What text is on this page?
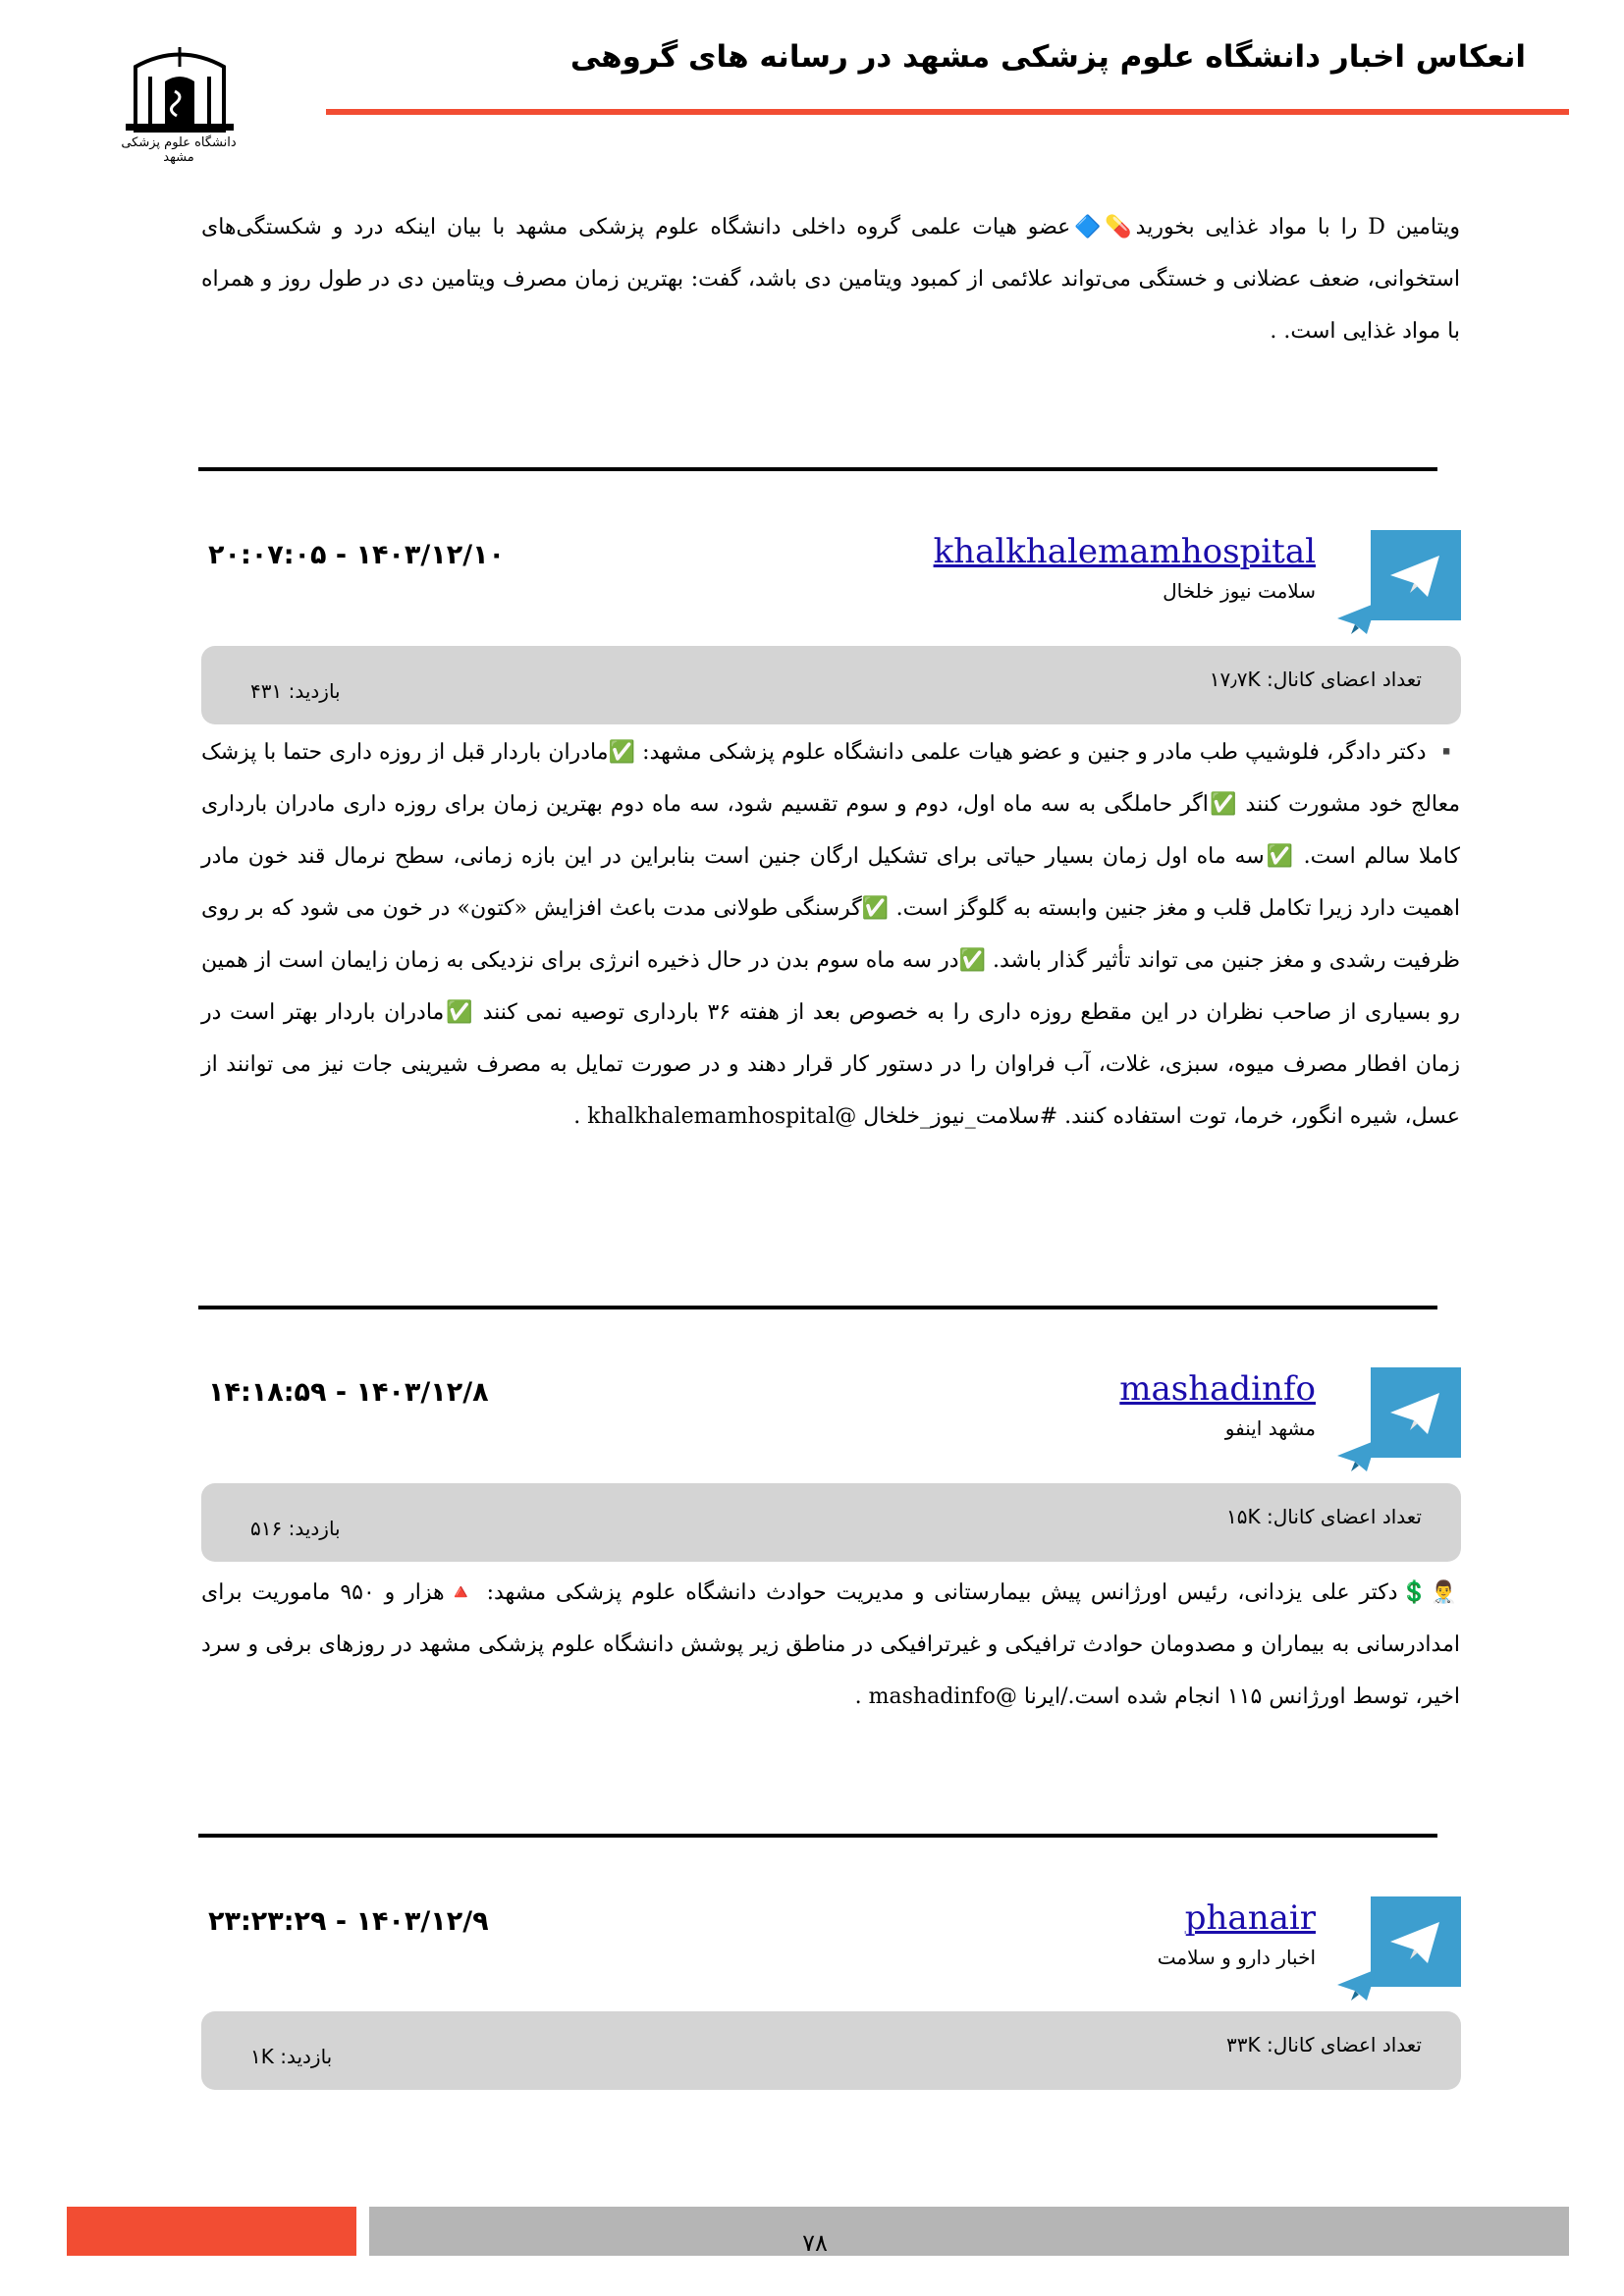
دانشگاه علوم پزشکی مشهد
انعکاس اخبار دانشگاه علوم پزشکی مشهد در رسانه های گروهی

ویتامین D را با مواد غذایی بخورید💊🔷عضو هیات علمی گروه داخلی دانشگاه علوم پزشکی مشهد با بیان اینکه درد و شکستگی‌های استخوانی، ضعف عضلانی و خستگی می‌تواند علائمی از کمبود ویتامین دی باشد، گفت: بهترین زمان مصرف ویتامین دی در طول روز و همراه با مواد غذایی است. .

khalkhalemamhospital
سلامت نیوز خلخال
۲۰:۰۷:۰۵ - ۱۴۰۳/۱۲/۱۰
تعداد اعضای کانال: ۱۷٫۷K
بازدید: ۴۳۱

▪️ دکتر دادگر، فلوشیپ طب مادر و جنین و عضو هیات علمی دانشگاه علوم پزشکی مشهد: ✅مادران باردار قبل از روزه داری حتما با پزشک معالج خود مشورت کنند ✅اگر حاملگی به سه ماه اول، دوم و سوم تقسیم شود، سه ماه دوم بهترین زمان برای روزه داری مادران بارداری کاملا سالم است. ✅سه ماه اول زمان بسیار حیاتی برای تشکیل ارگان جنین است بنابراین در این بازه زمانی، سطح نرمال قند خون مادر اهمیت دارد زیرا تکامل قلب و مغز جنین وابسته به گلوگز است. ✅گرسنگی طولانی مدت باعث افزایش «کتون» در خون می شود که بر روی ظرفیت رشدی و مغز جنین می تواند تأثیر گذار باشد. ✅در سه ماه سوم بدن در حال ذخیره انرژی برای نزدیکی به زمان زایمان است از همین رو بسیاری از صاحب نظران در این مقطع روزه داری را به خصوص بعد از هفته ۳۶ بارداری توصیه نمی کنند ✅مادران باردار بهتر است در زمان افطار مصرف میوه، سبزی، غلات، آب فراوان را در دستور کار قرار دهند و در صورت تمایل به مصرف شیرینی جات نیز می توانند از عسل، شیره انگور، خرما، توت استفاده کنند. #سلامت_نیوز_خلخال @khalkhalemamhospital .

mashadinfo
مشهد اینفو
۱۴:۱۸:۵۹ - ۱۴۰۳/۱۲/۸
تعداد اعضای کانال: ۱۵K
بازدید: ۵۱۶

👨‍⚕️💲دکتر علی یزدانی، رئیس اورژانس پیش بیمارستانی و مدیریت حوادث دانشگاه علوم پزشکی مشهد: 🔺هزار و ۹۵۰ ماموریت برای امدادرسانی به بیماران و مصدومان حوادث ترافیکی و غیرترافیکی در مناطق زیر پوشش دانشگاه علوم پزشکی مشهد در روزهای برفی و سرد اخیر، توسط اورژانس ۱۱۵ انجام شده است./ایرنا @mashadinfo .

phanair
اخبار دارو و سلامت
۲۳:۲۳:۲۹ - ۱۴۰۳/۱۲/۹
تعداد اعضای کانال: ۳۳K
بازدید: ۱K
۷۸
